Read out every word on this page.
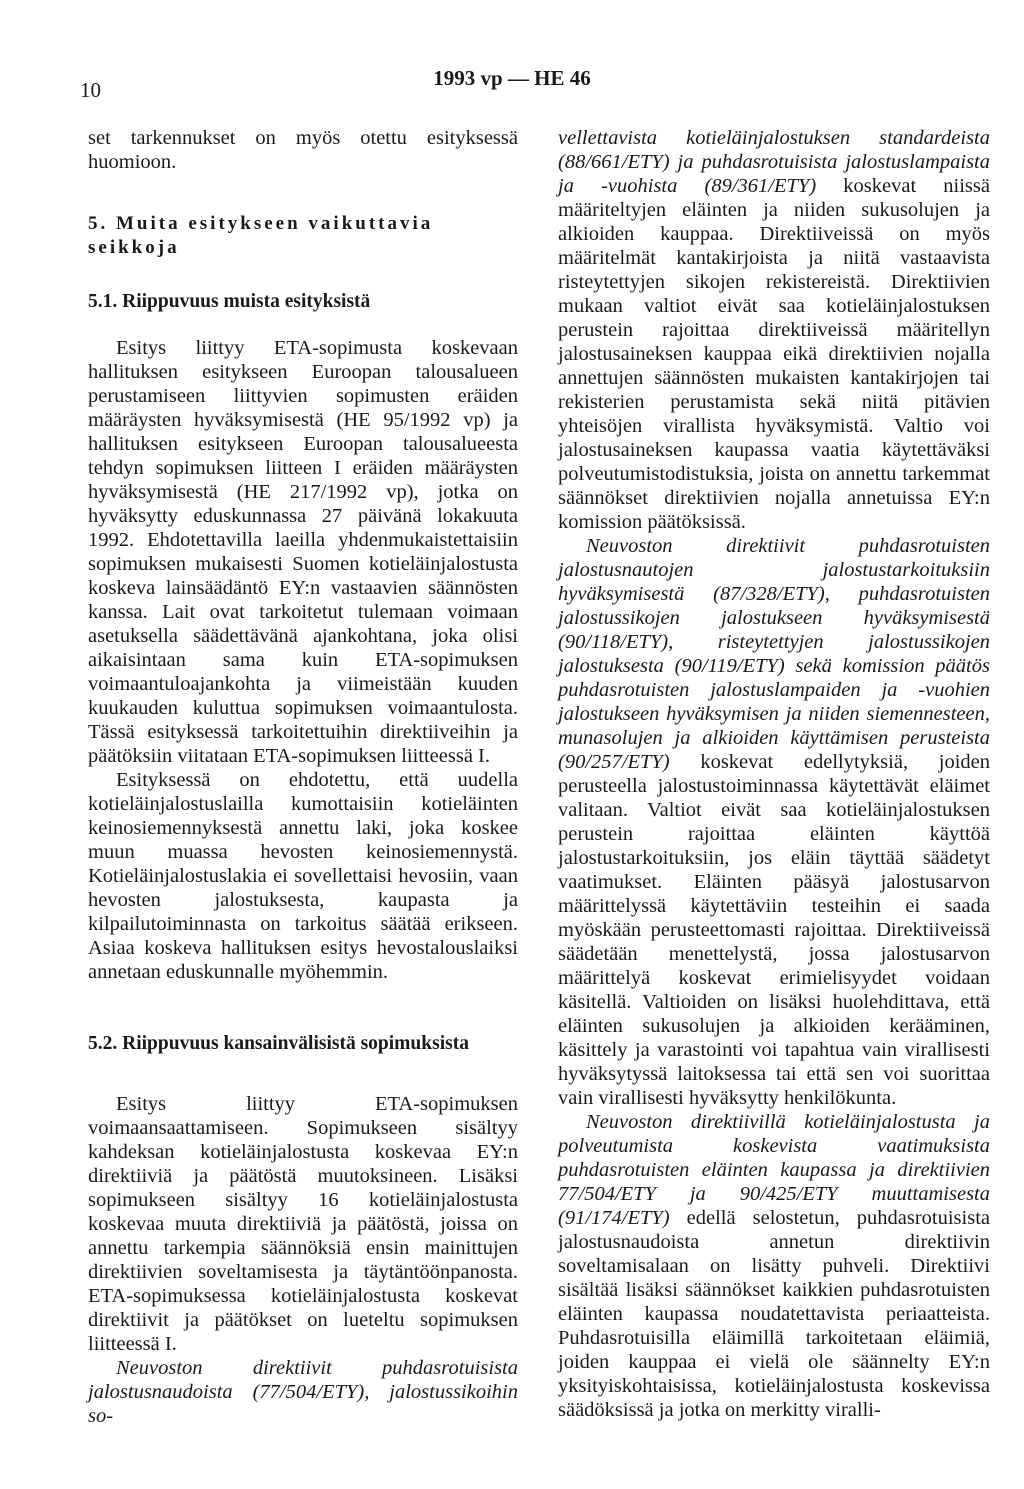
10	1993 vp — HE 46

set tarkennukset on myös otettu esityksessä huomioon.

5. Muita esitykseen vaikuttavia seikkoja
5.1. Riippuvuus muista esityksistä

Esitys liittyy ETA-sopimusta koskevaan hallituksen esitykseen Euroopan talousalueen perustamiseen liittyvien sopimusten eräiden määräysten hyväksymisestä (HE 95/1992 vp) ja hallituksen esitykseen Euroopan talousalueesta tehdyn sopimuksen liitteen I eräiden määräysten hyväksymisestä (HE 217/1992 vp), jotka on hyväksytty eduskunnassa 27 päivänä lokakuuta 1992. Ehdotettavilla laeilla yhdenmukaistettaisiin sopimuksen mukaisesti Suomen kotieläinjalostusta koskeva lainsäädäntö EY:n vastaavien säännösten kanssa. Lait ovat tarkoitetut tulemaan voimaan asetuksella säädettävänä ajankohtana, joka olisi aikaisintaan sama kuin ETA-sopimuksen voimaantuloajankohta ja viimeistään kuuden kuukauden kuluttua sopimuksen voimaantulosta. Tässä esityksessä tarkoitettuihin direktiiveihin ja päätöksiin viitataan ETA-sopimuksen liitteessä I.

Esityksessä on ehdotettu, että uudella kotieläinjalostuslailla kumottaisiin kotieläinten keinosiemennyksestä annettu laki, joka koskee muun muassa hevosten keinosiemennystä. Kotieläinjalostuslakia ei sovellettaisi hevosiin, vaan hevosten jalostuksesta, kaupasta ja kilpailutoiminnasta on tarkoitus säätää erikseen. Asiaa koskeva hallituksen esitys hevostalouslaiksi annetaan eduskunnalle myöhemmin.

5.2. Riippuvuus kansainvälisistä sopimuksista

Esitys liittyy ETA-sopimuksen voimaansaattamiseen. Sopimukseen sisältyy kahdeksan kotieläinjalostusta koskevaa EY:n direktiiviä ja päätöstä muutoksineen. Lisäksi sopimukseen sisältyy 16 kotieläinjalostusta koskevaa muuta direktiiviä ja päätöstä, joissa on annettu tarkempia säännöksiä ensin mainittujen direktiivien soveltamisesta ja täytäntöönpanosta. ETA-sopimuksessa kotieläinjalostusta koskevat direktiivit ja päätökset on lueteltu sopimuksen liitteessä I.

Neuvoston direktiivit puhdasrotuisista jalostusnaudoista (77/504/ETY), jalostussikoihin so-

vellettavista kotieläinjalostuksen standardeista (88/661/ETY) ja puhdasrotuisista jalostuslampaista ja -vuohista (89/361/ETY) koskevat niissä määriteltyjen eläinten ja niiden sukusolujen ja alkioiden kauppaa. Direktiiveissä on myös määritelmät kantakirjoista ja niitä vastaavista risteytettyjen sikojen rekistereistä. Direktiivien mukaan valtiot eivät saa kotieläinjalostuksen perustein rajoittaa direktiiveissä määritellyn jalostusaineksen kauppaa eikä direktiivien nojalla annettujen säännösten mukaisten kantakirjojen tai rekisterien perustamista sekä niitä pitävien yhteisöjen virallista hyväksymistä. Valtio voi jalostusaineksen kaupassa vaatia käytettäväksi polveutumistodistuksia, joista on annettu tarkemmat säännökset direktiivien nojalla annetuissa EY:n komission päätöksissä.

Neuvoston direktiivit puhdasrotuisten jalostusnautojen jalostustarkoituksiin hyväksymisestä (87/328/ETY), puhdasrotuisten jalostussikojen jalostukseen hyväksymisestä (90/118/ETY), risteytettyjen jalostussikojen jalostuksesta (90/119/ETY) sekä komission päätös puhdasrotuisten jalostuslampaiden ja -vuohien jalostukseen hyväksymisen ja niiden siemennesteen, munasolujen ja alkioiden käyttämisen perusteista (90/257/ETY) koskevat edellytyksiä, joiden perusteella jalostustoiminnassa käytettävät eläimet valitaan. Valtiot eivät saa kotieläinjalostuksen perustein rajoittaa eläinten käyttöä jalostustarkoituksiin, jos eläin täyttää säädetyt vaatimukset. Eläinten pääsyä jalostusarvon määrittelyssä käytettäviin testeihin ei saada myöskään perusteettomasti rajoittaa. Direktiiveissä säädetään menettelystä, jossa jalostusarvon määrittelyä koskevat erimielisyydet voidaan käsitellä. Valtioiden on lisäksi huolehdittava, että eläinten sukusolujen ja alkioiden kerääminen, käsittely ja varastointi voi tapahtua vain virallisesti hyväksytyssä laitoksessa tai että sen voi suorittaa vain virallisesti hyväksytty henkilökunta.

Neuvoston direktiivillä kotieläinjalostusta ja polveutumista koskevista vaatimuksista puhdasrotuisten eläinten kaupassa ja direktiivien 77/504/ETY ja 90/425/ETY muuttamisesta (91/174/ETY) edellä selostetun, puhdasrotuisista jalostusnaudoista annetun direktiivin soveltamisalaan on lisätty puhveli. Direktiivi sisältää lisäksi säännökset kaikkien puhdasrotuisten eläinten kaupassa noudatettavista periaatteista. Puhdasrotuisilla eläimillä tarkoitetaan eläimiä, joiden kauppaa ei vielä ole säännelty EY:n yksityiskohtaisissa, kotieläinjalostusta koskevissa säädöksissä ja jotka on merkitty viralli-
